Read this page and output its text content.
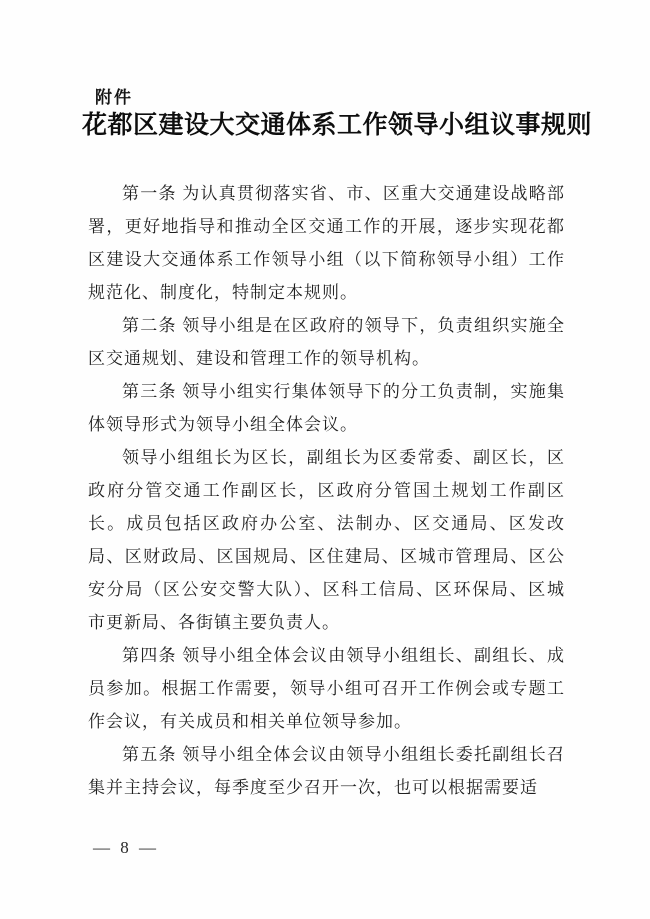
附件
花都区建设大交通体系工作领导小组议事规则

第一条 为认真贯彻落实省、市、区重大交通建设战略部署，更好地指导和推动全区交通工作的开展，逐步实现花都区建设大交通体系工作领导小组（以下简称领导小组）工作规范化、制度化，特制定本规则。

第二条 领导小组是在区政府的领导下，负责组织实施全区交通规划、建设和管理工作的领导机构。

第三条 领导小组实行集体领导下的分工负责制，实施集体领导形式为领导小组全体会议。

领导小组组长为区长，副组长为区委常委、副区长，区政府分管交通工作副区长，区政府分管国土规划工作副区长。成员包括区政府办公室、法制办、区交通局、区发改局、区财政局、区国规局、区住建局、区城市管理局、区公安分局（区公安交警大队）、区科工信局、区环保局、区城市更新局、各街镇主要负责人。

第四条 领导小组全体会议由领导小组组长、副组长、成员参加。根据工作需要，领导小组可召开工作例会或专题工作会议，有关成员和相关单位领导参加。

第五条 领导小组全体会议由领导小组组长委托副组长召集并主持会议，每季度至少召开一次，也可以根据需要适

— 8 —
